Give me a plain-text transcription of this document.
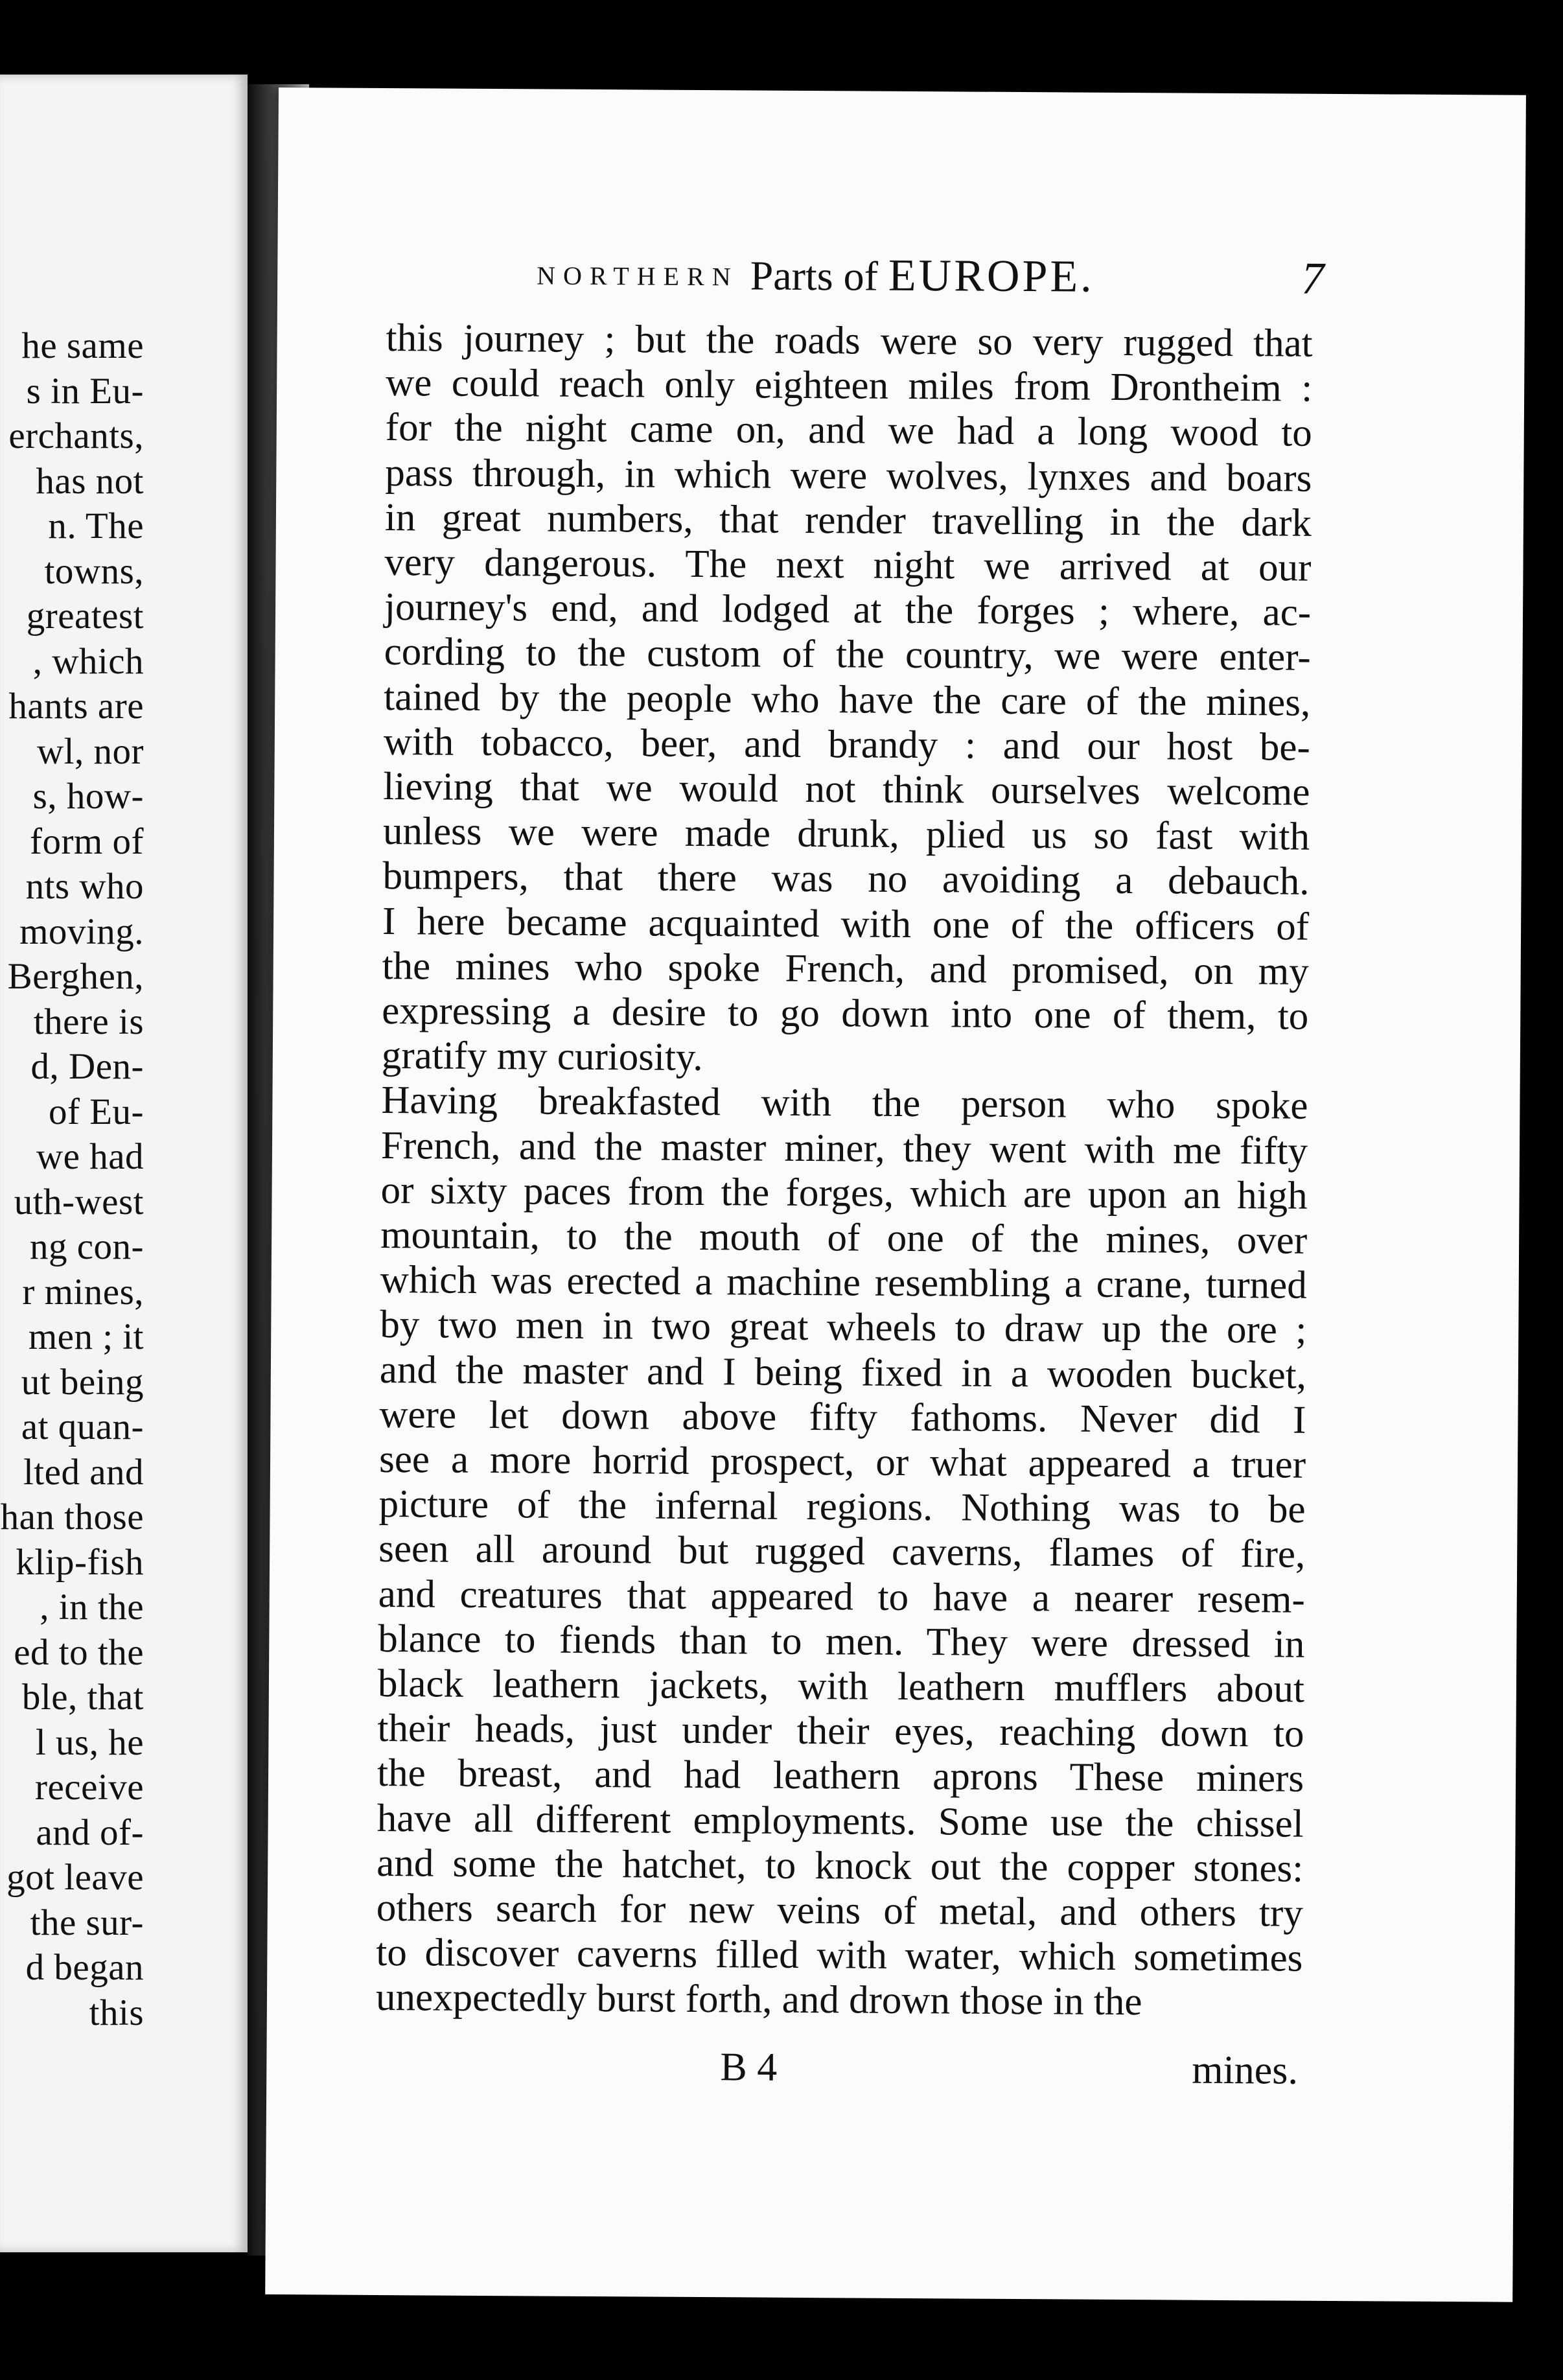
he same
s in Eu-
erchants,
has not
n. The
towns,
greatest
, which
hants are
wl, nor
s, how-
form of
nts who
moving.
Berghen,
there is
d, Den-
of Eu-
we had
uth-west
ng con-
r mines,
men ; it
ut being
at quan-
lted and
han those
klip-fish
, in the
ed to the
ble, that
l us, he
receive
and of-
got leave
the sur-
d began
this
NORTHERN Parts of EUROPE.	7
this journey ; but the roads were so very rugged that
we could reach only eighteen miles from Drontheim :
for the night came on, and we had a long wood to
pass through, in which were wolves, lynxes and boars
in great numbers, that render travelling in the dark
very dangerous. The next night we arrived at our
journey's end, and lodged at the forges ; where, ac-
cording to the custom of the country, we were enter-
tained by the people who have the care of the mines,
with tobacco, beer, and brandy : and our host be-
lieving that we would not think ourselves welcome
unless we were made drunk, plied us so fast with
bumpers, that there was no avoiding a debauch.
I here became acquainted with one of the officers of
the mines who spoke French, and promised, on my
expressing a desire to go down into one of them, to
gratify my curiosity.
Having breakfasted with the person who spoke
French, and the master miner, they went with me fifty
or sixty paces from the forges, which are upon an high
mountain, to the mouth of one of the mines, over
which was erected a machine resembling a crane, turned
by two men in two great wheels to draw up the ore ;
and the master and I being fixed in a wooden bucket,
were let down above fifty fathoms. Never did I
see a more horrid prospect, or what appeared a truer
picture of the infernal regions. Nothing was to be
seen all around but rugged caverns, flames of fire,
and creatures that appeared to have a nearer resem-
blance to fiends than to men. They were dressed in
black leathern jackets, with leathern mufflers about
their heads, just under their eyes, reaching down to
the breast, and had leathern aprons These miners
have all different employments. Some use the chissel
and some the hatchet, to knock out the copper stones:
others search for new veins of metal, and others try
to discover caverns filled with water, which sometimes
unexpectedly burst forth, and drown those in the
B 4	mines.
